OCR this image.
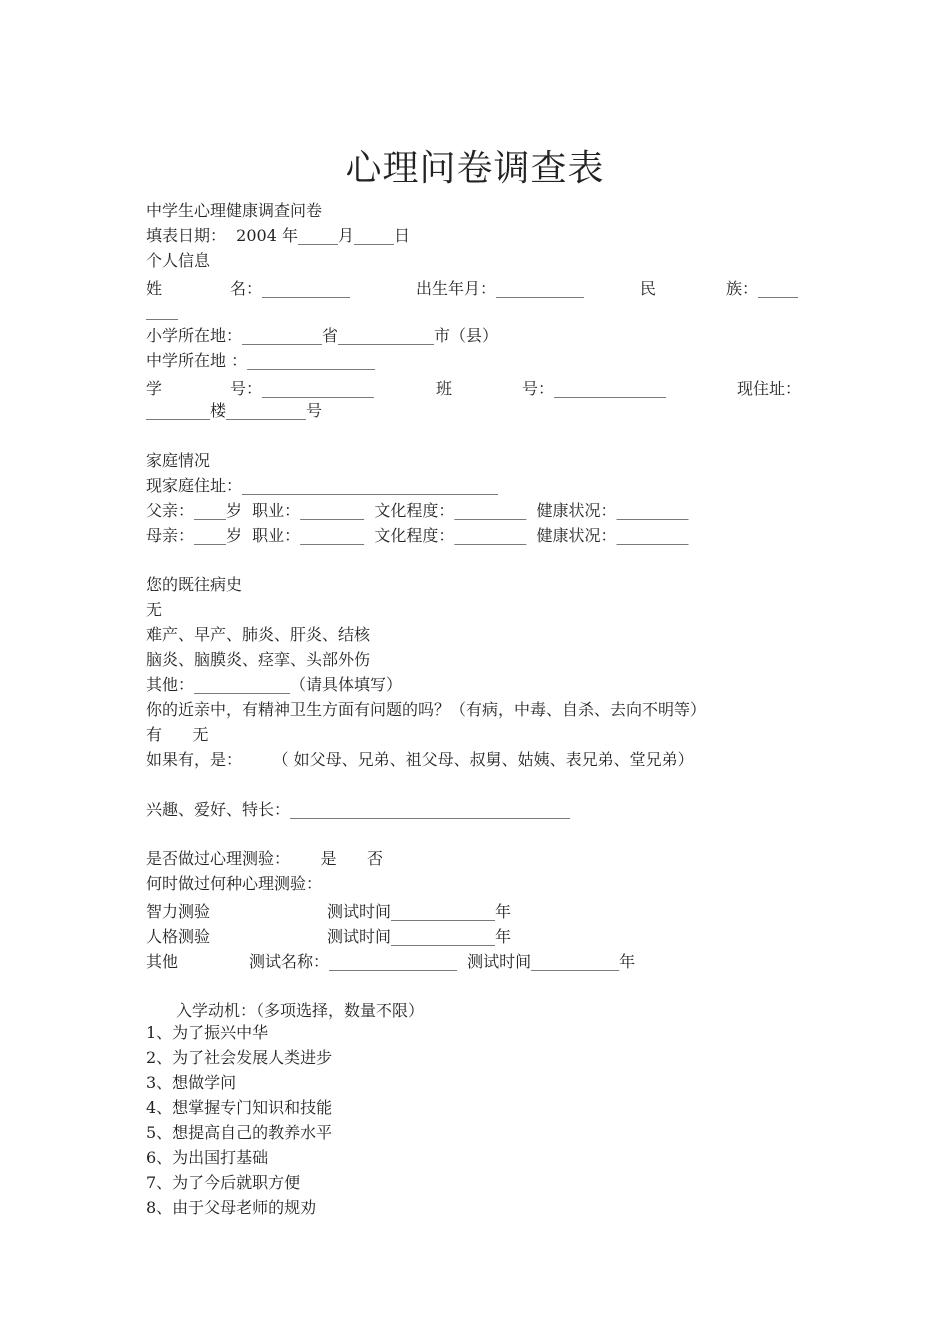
心理问卷调查表
中学生心理健康调查问卷
填表日期：  2004 年_____月_____日
个人信息
姓	名：___________	出生年月：___________	民	族：_____
____
小学所在地：__________省____________市（县）
中学所在地 ：________________
学	号：______________	班	号：______________	现住址：
________楼__________号
家庭情况
现家庭住址：________________________________
父亲：____岁  职业：________  文化程度：_________  健康状况：_________
母亲：____岁  职业：________  文化程度：_________  健康状况：_________
您的既往病史
无
难产、早产、肺炎、肝炎、结核
脑炎、脑膜炎、痉挛、头部外伤
其他：____________（请具体填写）
你的近亲中，有精神卫生方面有问题的吗？（有病，中毒、自杀、去向不明等）
有      无
如果有，是：      （ 如父母、兄弟、祖父母、叔舅、姑姨、表兄弟、堂兄弟）
兴趣、爱好、特长：___________________________________
是否做过心理测验：      是      否
何时做过何种心理测验：
智力测验	测试时间_____________年
人格测验	测试时间_____________年
其他	测试名称：________________  测试时间___________年
入学动机：（多项选择，数量不限）
1、为了振兴中华
2、为了社会发展人类进步
3、想做学问
4、想掌握专门知识和技能
5、想提高自己的教养水平
6、为出国打基础
7、为了今后就职方便
8、由于父母老师的规劝
